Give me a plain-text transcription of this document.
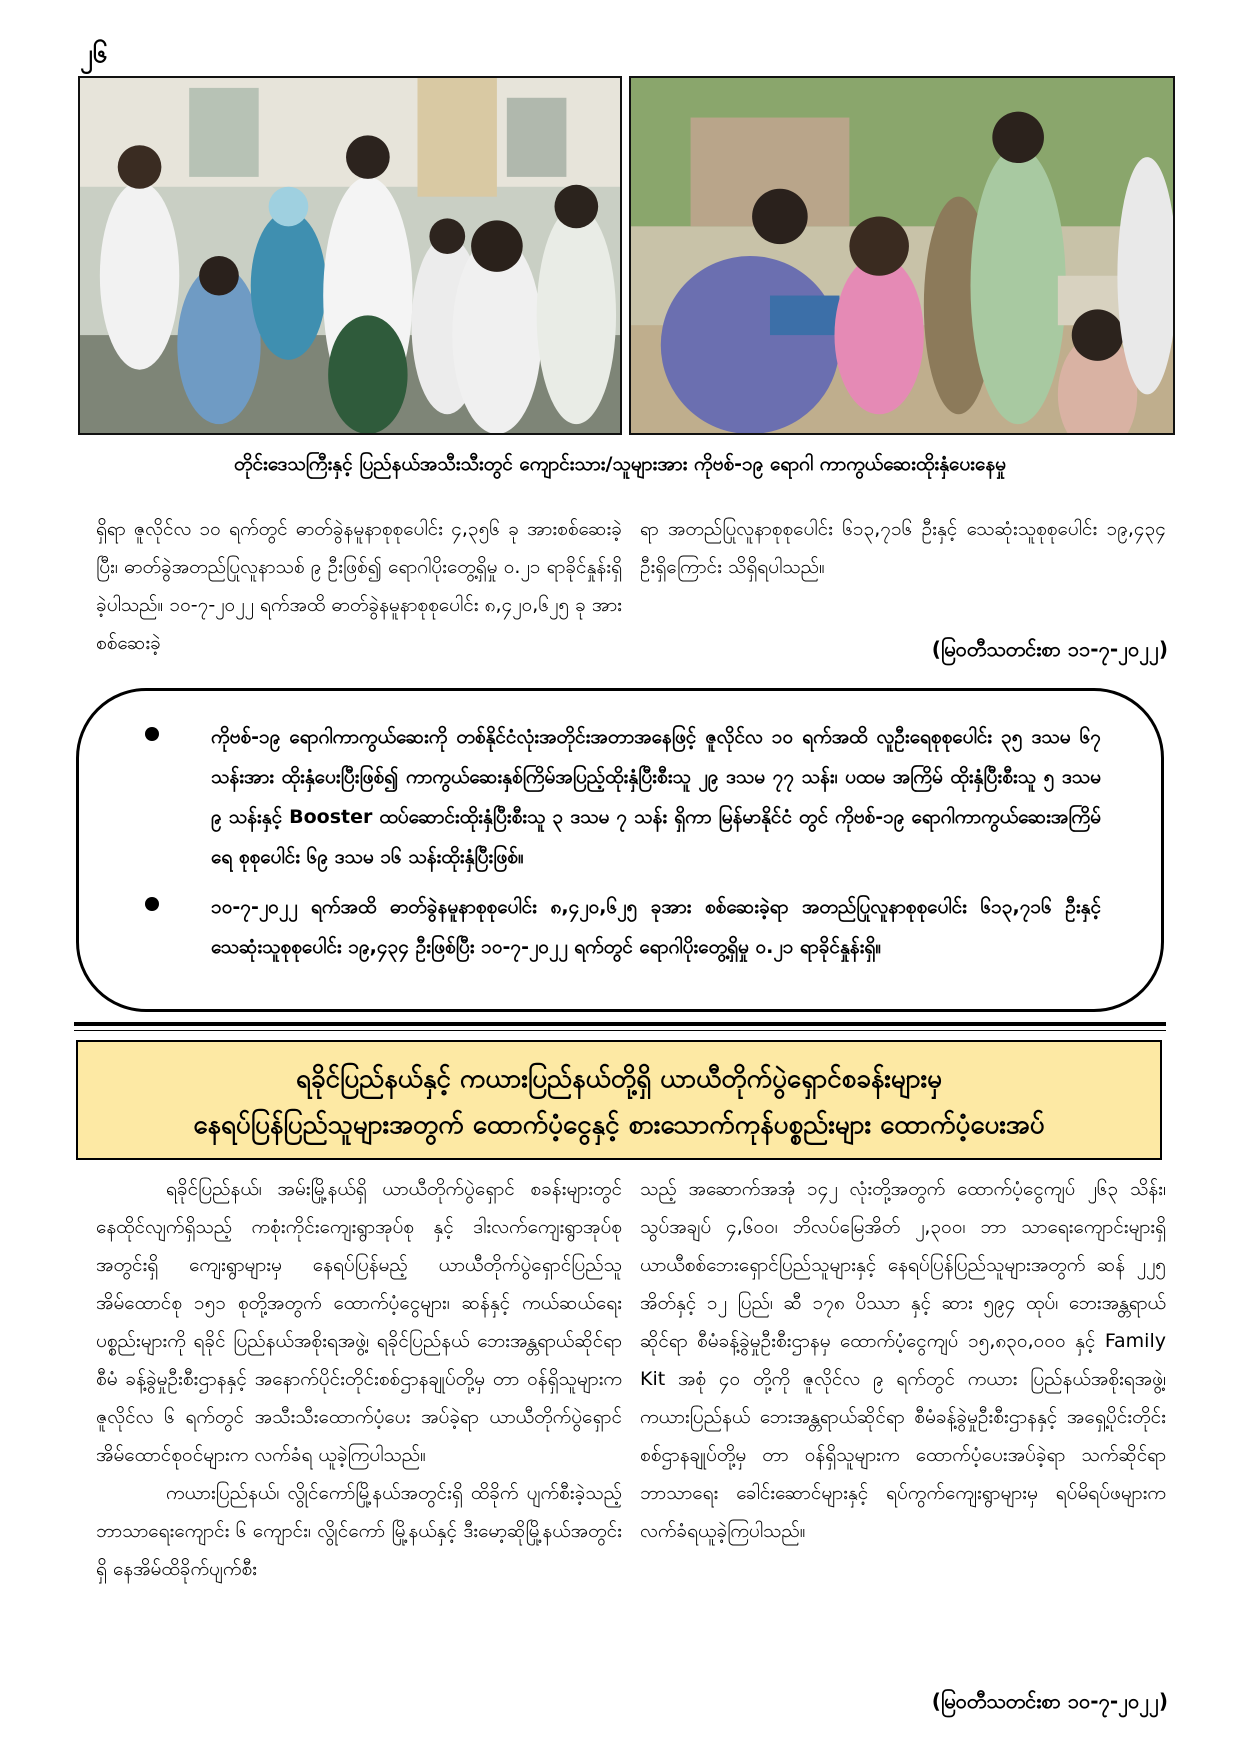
၂၆
တိုင်းဒေသကြီးနှင့် ပြည်နယ်အသီးသီးတွင် ကျောင်းသား/သူများအား ကိုဗစ်-၁၉ ရောဂါ ကာကွယ်ဆေးထိုးနှံပေးနေမှု

ရှိရာ ဇူလိုင်လ ၁၀ ရက်တွင် ဓာတ်ခွဲနမူနာစုစုပေါင်း ၄,၃၅၆ ခု အားစစ်ဆေးခဲ့ပြီး၊ ဓာတ်ခွဲအတည်ပြုလူနာသစ် ၉ ဦးဖြစ်၍ ရောဂါပိုးတွေ့ရှိမှု ၀.၂၁ ရာခိုင်နှုန်းရှိခဲ့ပါသည်။ ၁၀-၇-၂၀၂၂ ရက်အထိ ဓာတ်ခွဲနမူနာစုစုပေါင်း ၈,၄၂၀,၆၂၅ ခု အားစစ်ဆေးခဲ့

ရာ အတည်ပြုလူနာစုစုပေါင်း ၆၁၃,၇၁၆ ဦးနှင့် သေဆုံးသူစုစုပေါင်း ၁၉,၄၃၄ ဦးရှိကြောင်း သိရှိရပါသည်။

(မြဝတီသတင်းစာ ၁၁-၇-၂၀၂၂)
ကိုဗစ်-၁၉ ရောဂါကာကွယ်ဆေးကို တစ်နိုင်ငံလုံးအတိုင်းအတာအနေဖြင့် ဇူလိုင်လ ၁၀ ရက်အထိ လူဦးရေစုစုပေါင်း ၃၅ ဒသမ ၆၇ သန်းအား ထိုးနှံပေးပြီးဖြစ်၍ ကာကွယ်ဆေးနှစ်ကြိမ်အပြည့်ထိုးနှံပြီးစီးသူ ၂၉ ဒသမ ၇၇ သန်း၊ ပထမ အကြိမ် ထိုးနှံပြီးစီးသူ ၅ ဒသမ ၉ သန်းနှင့် Booster ထပ်ဆောင်းထိုးနှံပြီးစီးသူ ၃ ဒသမ ၇ သန်း ရှိကာ မြန်မာနိုင်ငံ တွင် ကိုဗစ်-၁၉ ရောဂါကာကွယ်ဆေးအကြိမ်ရေ စုစုပေါင်း ၆၉ ဒသမ ၁၆ သန်းထိုးနှံပြီးဖြစ်။
၁၀-၇-၂၀၂၂ ရက်အထိ ဓာတ်ခွဲနမူနာစုစုပေါင်း ၈,၄၂၀,၆၂၅ ခုအား စစ်ဆေးခဲ့ရာ အတည်ပြုလူနာစုစုပေါင်း ၆၁၃,၇၁၆ ဦးနှင့် သေဆုံးသူစုစုပေါင်း ၁၉,၄၃၄ ဦးဖြစ်ပြီး ၁၀-၇-၂၀၂၂ ရက်တွင် ရောဂါပိုးတွေ့ရှိမှု ၀.၂၁ ရာခိုင်နှုန်းရှိ။
ရခိုင်ပြည်နယ်နှင့် ကယားပြည်နယ်တို့ရှိ ယာယီတိုက်ပွဲရှောင်စခန်းများမှ
နေရပ်ပြန်ပြည်သူများအတွက် ထောက်ပံ့ငွေနှင့် စားသောက်ကုန်ပစ္စည်းများ ထောက်ပံ့ပေးအပ်

ရခိုင်ပြည်နယ်၊ အမ်းမြို့နယ်ရှိ ယာယီတိုက်ပွဲရှောင် စခန်းများတွင် နေထိုင်လျက်ရှိသည့် ကစုံးကိုင်းကျေးရွာအုပ်စု နှင့် ဒါးလက်ကျေးရွာအုပ်စုအတွင်းရှိ ကျေးရွာများမှ နေရပ်ပြန်မည့် ယာယီတိုက်ပွဲရှောင်ပြည်သူ အိမ်ထောင်စု ၁၅၁ စုတို့အတွက် ထောက်ပံ့ငွေများ၊ ဆန်နှင့် ကယ်ဆယ်ရေးပစ္စည်းများကို ရခိုင် ပြည်နယ်အစိုးရအဖွဲ့၊ ရခိုင်ပြည်နယ် ဘေးအန္တရာယ်ဆိုင်ရာစီမံ ခန့်ခွဲမှုဦးစီးဌာနနှင့် အနောက်ပိုင်းတိုင်းစစ်ဌာနချုပ်တို့မှ တာ ဝန်ရှိသူများက ဇူလိုင်လ ၆ ရက်တွင် အသီးသီးထောက်ပံ့ပေး အပ်ခဲ့ရာ ယာယီတိုက်ပွဲရှောင် အိမ်ထောင်စုဝင်များက လက်ခံရ ယူခဲ့ကြပါသည်။

ကယားပြည်နယ်၊ လွိုင်ကော်မြို့နယ်အတွင်းရှိ ထိခိုက် ပျက်စီးခဲ့သည့် ဘာသာရေးကျောင်း ၆ ကျောင်း၊ လွိုင်ကော် မြို့နယ်နှင့် ဒီးမော့ဆိုမြို့နယ်အတွင်းရှိ နေအိမ်ထိခိုက်ပျက်စီး

သည့် အဆောက်အအုံ ၁၄၂ လုံးတို့အတွက် ထောက်ပံ့ငွေကျပ် ၂၆၃ သိန်း၊ သွပ်အချပ် ၄,၆၀၀၊ ဘိလပ်မြေအိတ် ၂,၃၀၀၊ ဘာ သာရေးကျောင်းများရှိ ယာယီစစ်ဘေးရှောင်ပြည်သူများနှင့် နေရပ်ပြန်ပြည်သူများအတွက် ဆန် ၂၂၅ အိတ်နှင့် ၁၂ ပြည်၊ ဆီ ၁၇၈ ပိဿာ နှင့် ဆား ၅၉၄ ထုပ်၊ ဘေးအန္တရာယ်ဆိုင်ရာ စီမံခန့်ခွဲမှုဦးစီးဌာနမှ ထောက်ပံ့ငွေကျပ် ၁၅,၈၃၀,၀၀၀ နှင့် Family Kit အစုံ ၄၀ တို့ကို ဇူလိုင်လ ၉ ရက်တွင် ကယား ပြည်နယ်အစိုးရအဖွဲ့၊ ကယားပြည်နယ် ဘေးအန္တရာယ်ဆိုင်ရာ စီမံခန့်ခွဲမှုဦးစီးဌာနနှင့် အရှေ့ပိုင်းတိုင်းစစ်ဌာနချုပ်တို့မှ တာ ဝန်ရှိသူများက ထောက်ပံ့ပေးအပ်ခဲ့ရာ သက်ဆိုင်ရာဘာသာရေး ခေါင်းဆောင်များနှင့် ရပ်ကွက်ကျေးရွာများမှ ရပ်မိရပ်ဖများက လက်ခံရယူခဲ့ကြပါသည်။

(မြဝတီသတင်းစာ ၁၀-၇-၂၀၂၂)
